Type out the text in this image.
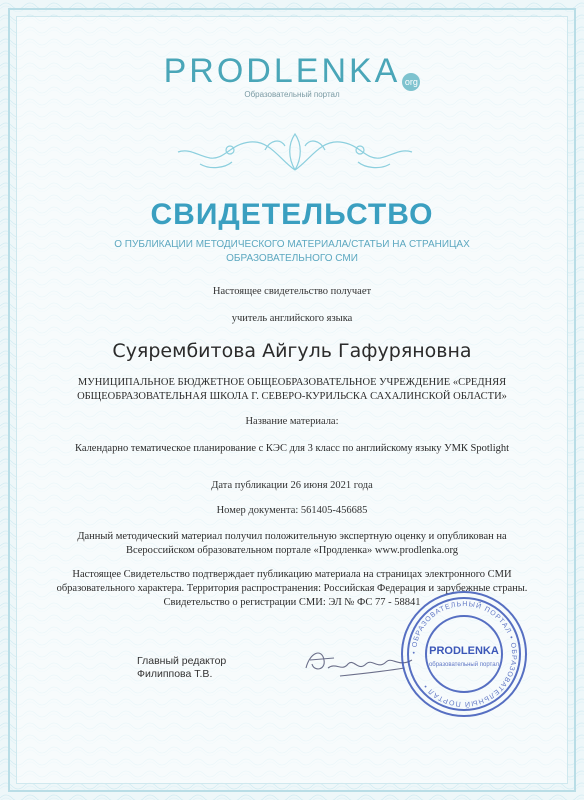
PRODLENKA org
Образовательный портал
СВИДЕТЕЛЬСТВО
О ПУБЛИКАЦИИ МЕТОДИЧЕСКОГО МАТЕРИАЛА/СТАТЬИ НА СТРАНИЦАХ ОБРАЗОВАТЕЛЬНОГО СМИ
Настоящее свидетельство получает
учитель английского языка
Суярембитова Айгуль Гафуряновна
МУНИЦИПАЛЬНОЕ БЮДЖЕТНОЕ ОБЩЕОБРАЗОВАТЕЛЬНОЕ УЧРЕЖДЕНИЕ «СРЕДНЯЯ ОБЩЕОБРАЗОВАТЕЛЬНАЯ ШКОЛА Г. СЕВЕРО-КУРИЛЬСКА САХАЛИНСКОЙ ОБЛАСТИ»
Название материала:
Календарно тематическое планирование с КЭС для 3 класс по английскому языку УМК Spotlight
Дата публикации 26 июня 2021 года
Номер документа: 561405-456685
Данный методический материал получил положительную экспертную оценку и опубликован на Всероссийском образовательном портале «Продленка» www.prodlenka.org
Настоящее Свидетельство подтверждает публикацию материала на страницах электронного СМИ образовательного характера. Территория распространения: Российская Федерация и зарубежные страны. Свидетельство о регистрации СМИ: ЭЛ № ФС 77 - 58841
Главный редактор
Филиппова Т.В.
• ОБРАЗОВАТЕЛЬНЫЙ ПОРТАЛ • ОБРАЗОВАТЕЛЬНЫЙ ПОРТАЛ •
PRODLENKA
образовательный портал
